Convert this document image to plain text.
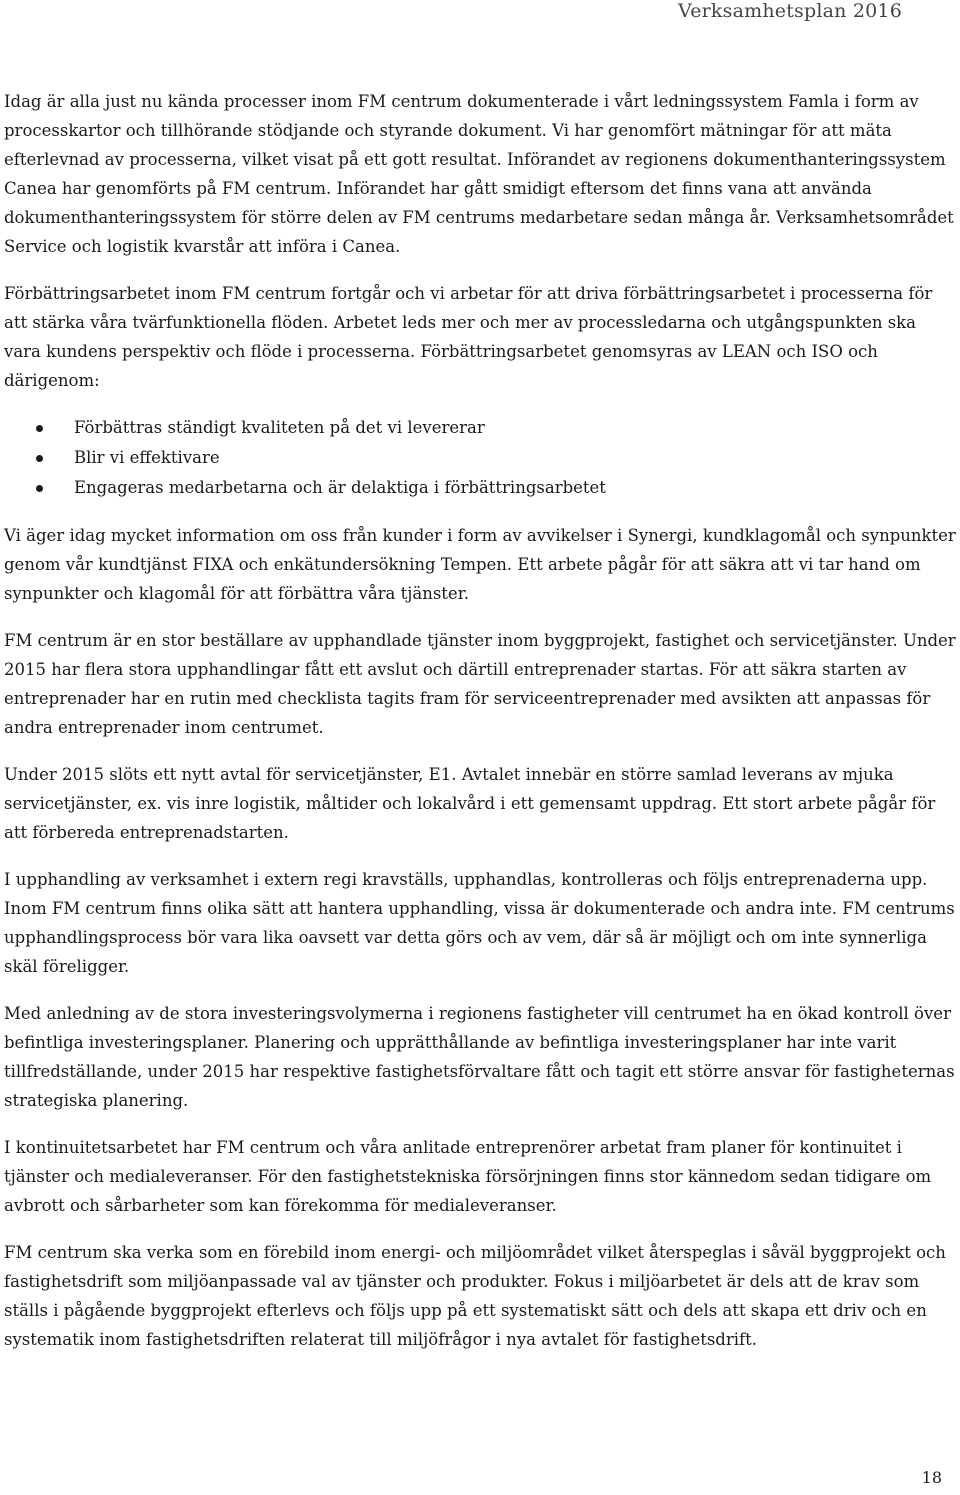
Verksamhetsplan 2016

Idag är alla just nu kända processer inom FM centrum dokumenterade i vårt ledningssystem Famla i form av processkartor och tillhörande stödjande och styrande dokument. Vi har genomfört mätningar för att mäta efterlevnad av processerna, vilket visat på ett gott resultat. Införandet av regionens dokumenthanteringssystem Canea har genomförts på FM centrum. Införandet har gått smidigt eftersom det finns vana att använda dokumenthanteringssystem för större delen av FM centrums medarbetare sedan många år. Verksamhetsområdet Service och logistik kvarstår att införa i Canea.

Förbättringsarbetet inom FM centrum fortgår och vi arbetar för att driva förbättringsarbetet i processerna för att stärka våra tvärfunktionella flöden. Arbetet leds mer och mer av processledarna och utgångspunkten ska vara kundens perspektiv och flöde i processerna. Förbättringsarbetet genomsyras av LEAN och ISO och därigenom:

Förbättras ständigt kvaliteten på det vi levererar
Blir vi effektivare
Engageras medarbetarna och är delaktiga i förbättringsarbetet

Vi äger idag mycket information om oss från kunder i form av avvikelser i Synergi, kundklagomål och synpunkter genom vår kundtjänst FIXA och enkätundersökning Tempen. Ett arbete pågår för att säkra att vi tar hand om synpunkter och klagomål för att förbättra våra tjänster.

FM centrum är en stor beställare av upphandlade tjänster inom byggprojekt, fastighet och servicetjänster. Under 2015 har flera stora upphandlingar fått ett avslut och därtill entreprenader startas. För att säkra starten av entreprenader har en rutin med checklista tagits fram för serviceentreprenader med avsikten att anpassas för andra entreprenader inom centrumet.

Under 2015 slöts ett nytt avtal för servicetjänster, E1. Avtalet innebär en större samlad leverans av mjuka servicetjänster, ex. vis inre logistik, måltider och lokalvård i ett gemensamt uppdrag. Ett stort arbete pågår för att förbereda entreprenadstarten.

I upphandling av verksamhet i extern regi kravställs, upphandlas, kontrolleras och följs entreprenaderna upp. Inom FM centrum finns olika sätt att hantera upphandling, vissa är dokumenterade och andra inte. FM centrums upphandlingsprocess bör vara lika oavsett var detta görs och av vem, där så är möjligt och om inte synnerliga skäl föreligger.

Med anledning av de stora investeringsvolymerna i regionens fastigheter vill centrumet ha en ökad kontroll över befintliga investeringsplaner. Planering och upprätthållande av befintliga investeringsplaner har inte varit tillfredställande, under 2015 har respektive fastighetsförvaltare fått och tagit ett större ansvar för fastigheternas strategiska planering.

I kontinuitetsarbetet har FM centrum och våra anlitade entreprenörer arbetat fram planer för kontinuitet i tjänster och medialeveranser. För den fastighetstekniska försörjningen finns stor kännedom sedan tidigare om avbrott och sårbarheter som kan förekomma för medialeveranser.

FM centrum ska verka som en förebild inom energi- och miljöområdet vilket återspeglas i såväl byggprojekt och fastighetsdrift som miljöanpassade val av tjänster och produkter. Fokus i miljöarbetet är dels att de krav som ställs i pågående byggprojekt efterlevs och följs upp på ett systematiskt sätt och dels att skapa ett driv och en systematik inom fastighetsdriften relaterat till miljöfrågor i nya avtalet för fastighetsdrift.

18
